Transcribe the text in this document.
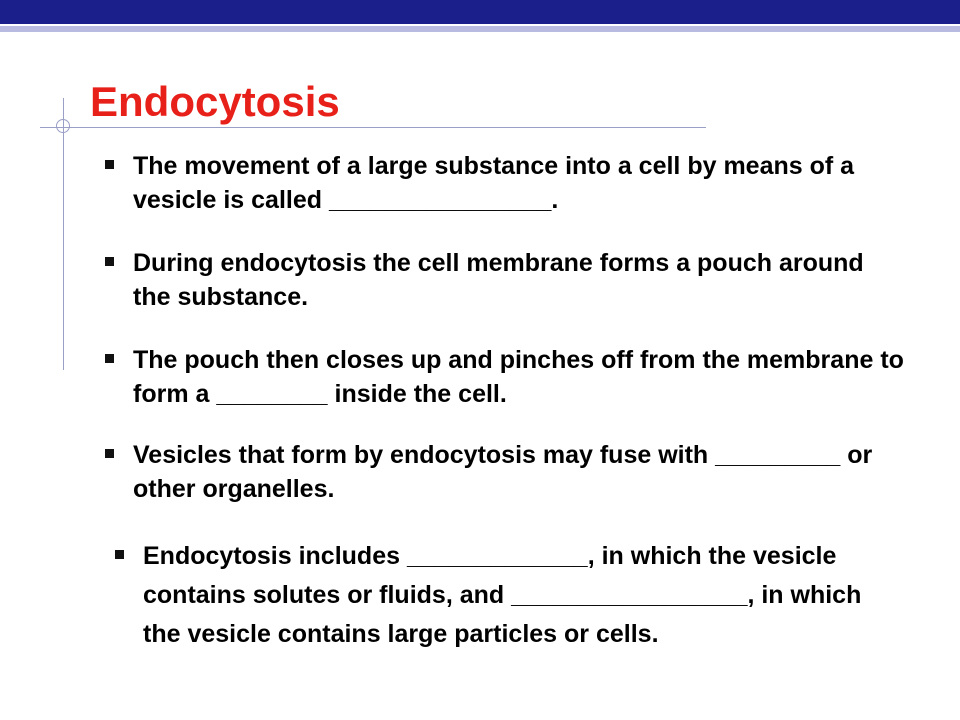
Endocytosis
The movement of a large substance into a cell by means of a vesicle is called ________________.
During endocytosis the cell membrane forms a pouch around the substance.
The pouch then closes up and pinches off from the membrane to form a ________ inside the cell.
Vesicles that form by endocytosis may fuse with _________ or other organelles.
Endocytosis includes _____________, in which the vesicle contains solutes or fluids, and _________________, in which the vesicle contains large particles or cells.
